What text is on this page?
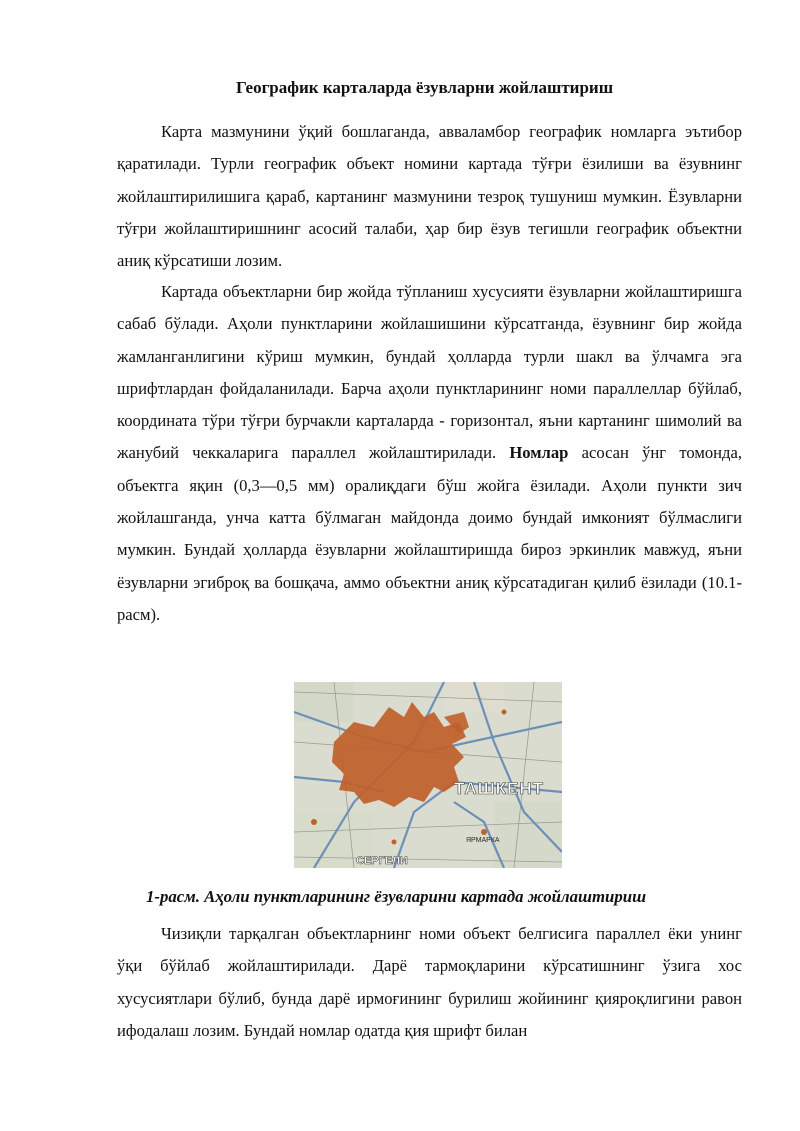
Географик карталарда ёзувларни жойлаштириш

Карта мазмунини ўқий бошлаганда, авваламбор географик номларга эътибор қаратилади. Турли географик объект номини картада тўғри ёзилиши ва ёзувнинг жойлаштирилишига қараб, картанинг мазмунини тезроқ тушуниш мумкин. Ёзувларни тўғри жойлаштиришнинг асосий талаби, ҳар бир ёзув тегишли географик объектни аниқ кўрсатиши лозим.

Картада объектларни бир жойда тўпланиш хусусияти ёзувларни жойлаштиришга сабаб бўлади. Аҳоли пунктларини жойлашишини кўрсатганда, ёзувнинг бир жойда жамланганлигини кўриш мумкин, бундай ҳолларда турли шакл ва ўлчамга эга шрифтлардан фойдаланилади. Барча аҳоли пунктларининг номи параллеллар бўйлаб, координата тўри тўғри бурчакли карталарда - горизонтал, яъни картанинг шимолий ва жанубий чеккаларига параллел жойлаштирилади. Номлар асосан ўнг томонда, объектга яқин (0,3—0,5 мм) оралиқдаги бўш жойга ёзилади. Аҳоли пункти зич жойлашганда, унча катта бўлмаган майдонда доимо бундай имконият бўлмаслиги мумкин. Бундай ҳолларда ёзувларни жойлаштиришда бироз эркинлик мавжуд, яъни ёзувларни эгиброқ ва бошқача, аммо объектни аниқ кўрсатадиган қилиб ёзилади (10.1-расм).

ТАШКЕНТ
СЕРГЕЛИ
ЯРМАРКА
1-расм. Аҳоли пунктларининг ёзувларини картада жойлаштириш

Чизиқли тарқалган объектларнинг номи объект белгисига параллел ёки унинг ўқи бўйлаб жойлаштирилади. Дарё тармоқларини кўрсатишнинг ўзига хос хусусиятлари бўлиб, бунда дарё ирмоғининг бурилиш жойининг қияроқлигини равон ифодалаш лозим. Бундай номлар одатда қия шрифт билан
